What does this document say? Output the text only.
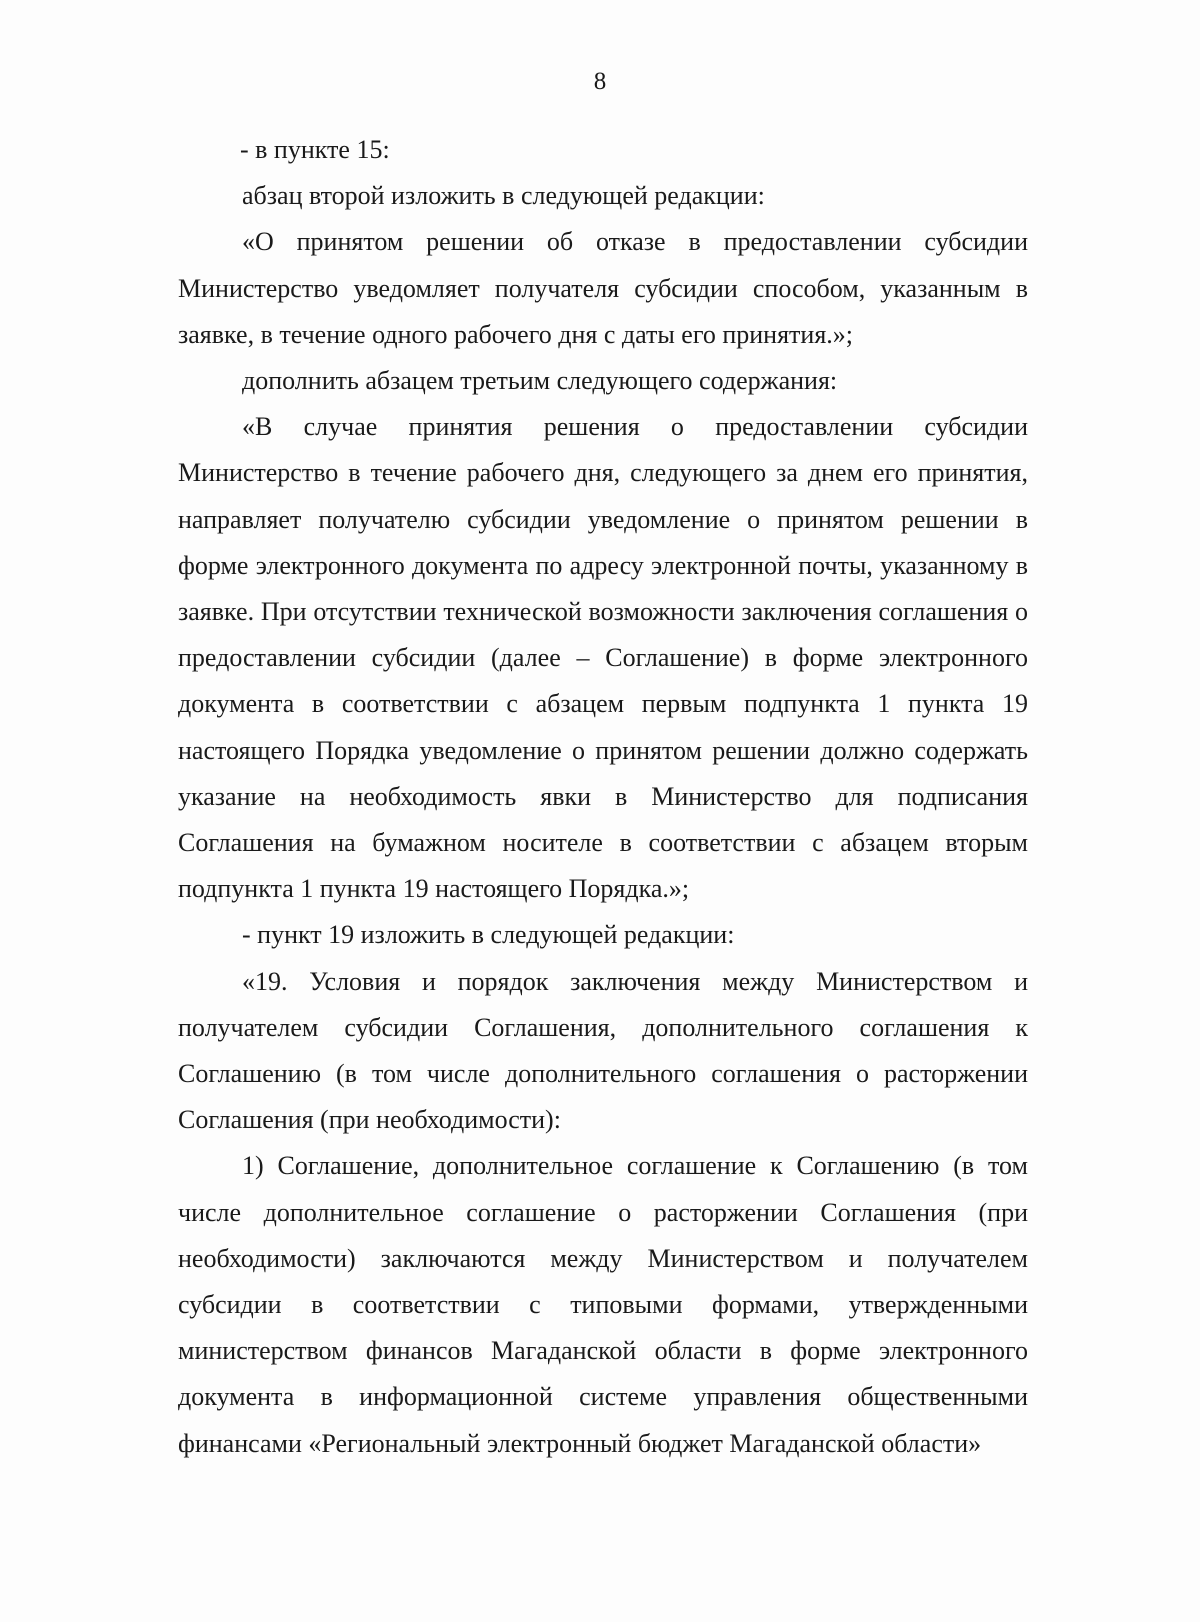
8

- в пункте 15:

абзац второй изложить в следующей редакции:

«О принятом решении об отказе в предоставлении субсидии Министерство уведомляет получателя субсидии способом, указанным в заявке, в течение одного рабочего дня с даты его принятия.»;

дополнить абзацем третьим следующего содержания:

«В случае принятия решения о предоставлении субсидии Министерство в течение рабочего дня, следующего за днем его принятия, направляет получателю субсидии уведомление о принятом решении в форме электронного документа по адресу электронной почты, указанному в заявке. При отсутствии технической возможности заключения соглашения о предоставлении субсидии (далее – Соглашение) в форме электронного документа в соответствии с абзацем первым подпункта 1 пункта 19 настоящего Порядка уведомление о принятом решении должно содержать указание на необходимость явки в Министерство для подписания Соглашения на бумажном носителе в соответствии с абзацем вторым подпункта 1 пункта 19 настоящего Порядка.»;

- пункт 19 изложить в следующей редакции:

«19. Условия и порядок заключения между Министерством и получателем субсидии Соглашения, дополнительного соглашения к Соглашению (в том числе дополнительного соглашения о расторжении Соглашения (при необходимости):

1) Соглашение, дополнительное соглашение к Соглашению (в том числе дополнительное соглашение о расторжении Соглашения (при необходимости) заключаются между Министерством и получателем субсидии в соответствии с типовыми формами, утвержденными министерством финансов Магаданской области в форме электронного документа в информационной системе управления общественными финансами «Региональный электронный бюджет Магаданской области»
